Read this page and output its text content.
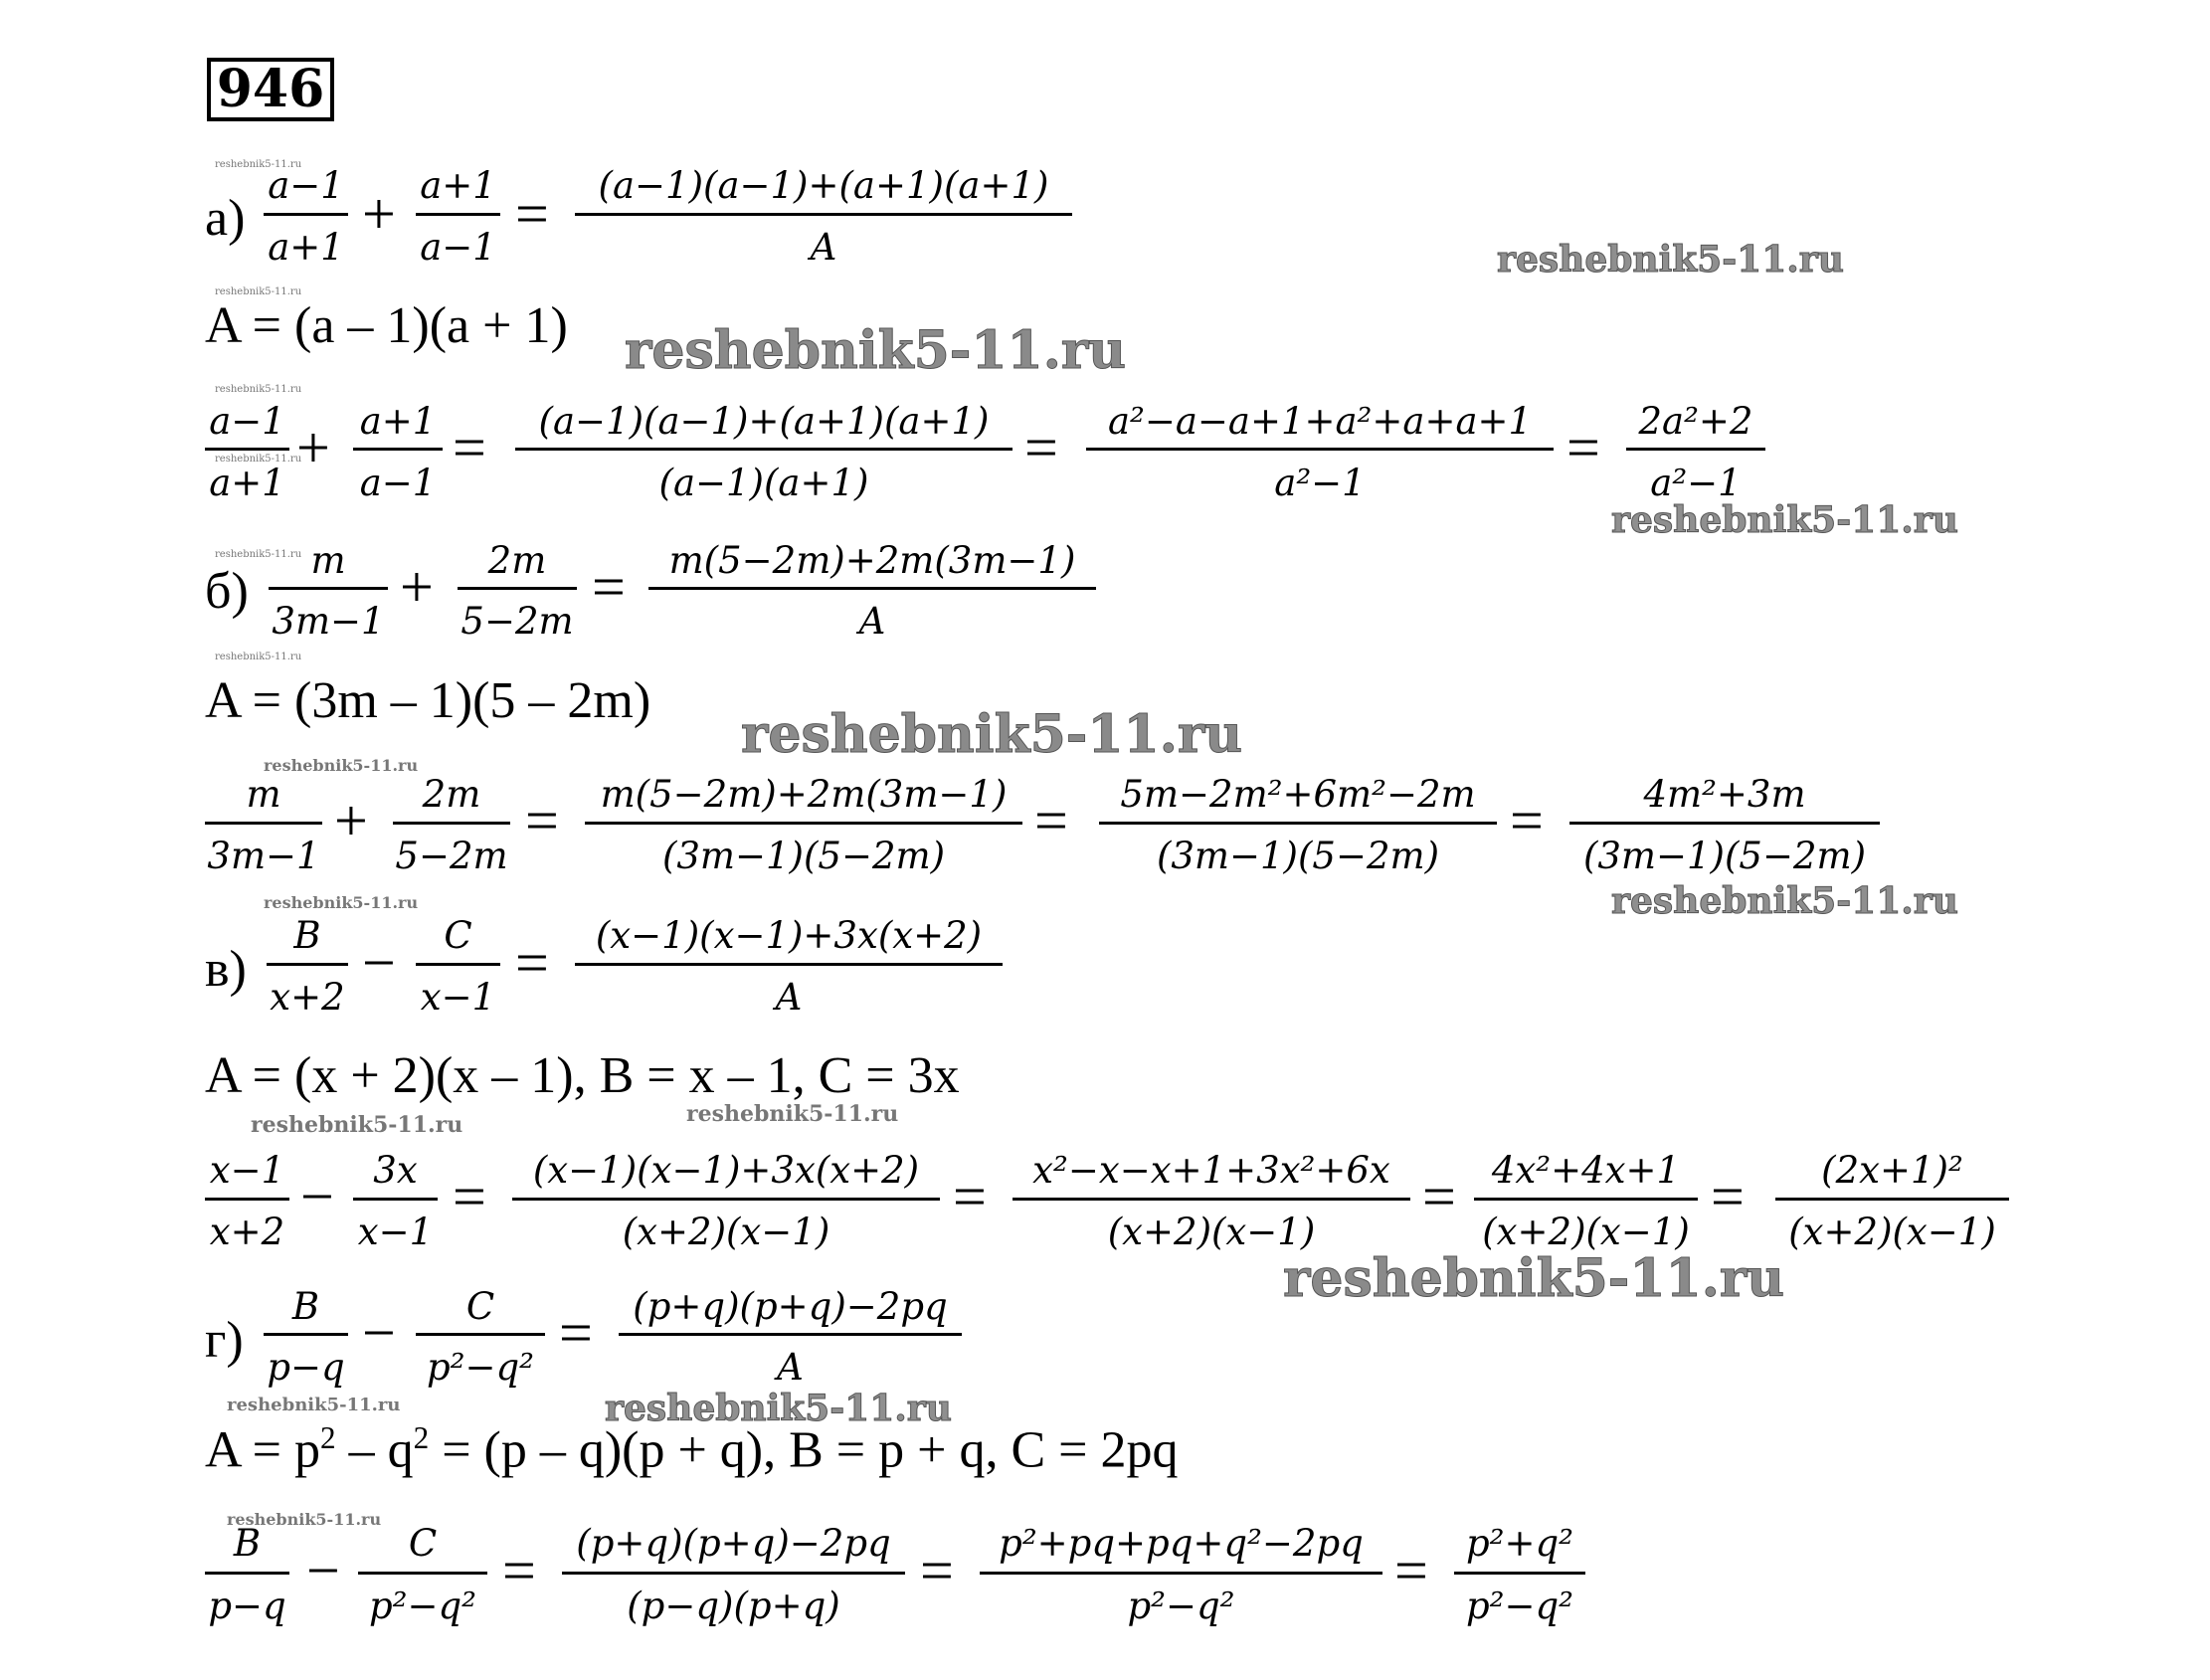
946
а)
a−1
a+1
+ a+1
a−1
=	(a−1)(a−1)+(a+1)(a+1)
A
A = (a – 1)(a + 1)
a−1
a+1
+ a+1
a−1
=	(a−1)(a−1)+(a+1)(a+1)
(a−1)(a+1)
=	a²−a−a+1+a²+a+a+1
a²−1
=	2a²+2
a²−1
б)
m
3m−1
+	2m
5−2m
=	m(5−2m)+2m(3m−1)
A
A = (3m – 1)(5 – 2m)
m
3m−1
+	2m
5−2m
=	m(5−2m)+2m(3m−1)
(3m−1)(5−2m)
=	5m−2m²+6m²−2m
(3m−1)(5−2m)
=	4m²+3m
(3m−1)(5−2m)
в)
B
x+2
−	C
x−1
=	(x−1)(x−1)+3x(x+2)
A
A = (x + 2)(x – 1), B = x – 1, C = 3x
x−1
x+2
−	3x
x−1
=	(x−1)(x−1)+3x(x+2)
(x+2)(x−1)
=	x²−x−x+1+3x²+6x
(x+2)(x−1)
= 4x²+4x+1
(x+2)(x−1)
=	(2x+1)²
(x+2)(x−1)
г)
B
p−q
−	C
p²−q²
=	(p+q)(p+q)−2pq
A
$A = p^2 - q^2 = (p - q)(p + q)$, B = p + q, C = 2pq
B
p−q
−	C
p²−q²
=	(p+q)(p+q)−2pq
(p−q)(p+q)
=	p²+pq+pq+q²−2pq
p²−q²
=	p²+q²
p²−q²
reshebnik5-11.ru
reshebnik5-11.ru
reshebnik5-11.ru
reshebnik5-11.ru
reshebnik5-11.ru
reshebnik5-11.ru
reshebnik5-11.ru
reshebnik5-11.ru	reshebnik5-11.ru
reshebnik5-11.ru
reshebnik5-11.ru
reshebnik5-11.ru
reshebnik5-11.ru
reshebnik5-11.ru
reshebnik5-11.ru
reshebnik5-11.ru
reshebnik5-11.ru
reshebnik5-11.ru
reshebnik5-11.ru
